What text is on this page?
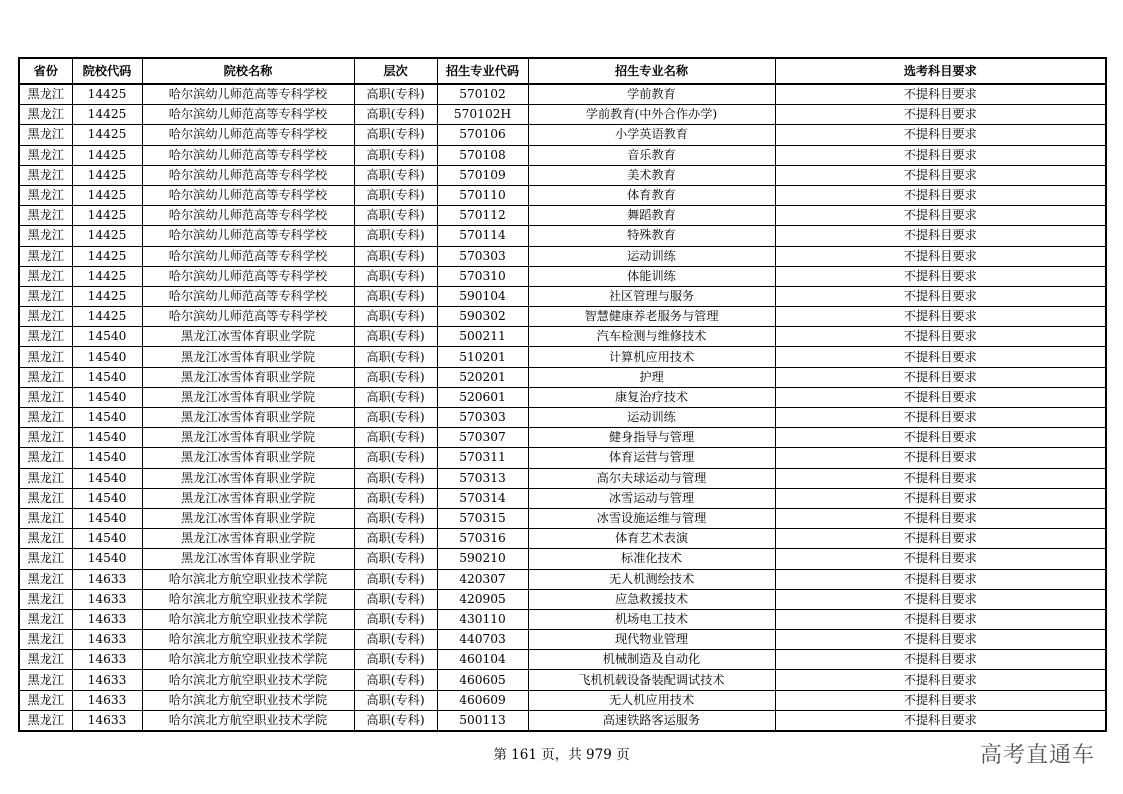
省份	院校代码	院校名称	层次	招生专业代码	招生专业名称	选考科目要求
黑龙江	14425	哈尔滨幼儿师范高等专科学校	高职(专科)	570102	学前教育	不提科目要求
黑龙江	14425	哈尔滨幼儿师范高等专科学校	高职(专科)	570102H	学前教育(中外合作办学)	不提科目要求
黑龙江	14425	哈尔滨幼儿师范高等专科学校	高职(专科)	570106	小学英语教育	不提科目要求
黑龙江	14425	哈尔滨幼儿师范高等专科学校	高职(专科)	570108	音乐教育	不提科目要求
黑龙江	14425	哈尔滨幼儿师范高等专科学校	高职(专科)	570109	美术教育	不提科目要求
黑龙江	14425	哈尔滨幼儿师范高等专科学校	高职(专科)	570110	体育教育	不提科目要求
黑龙江	14425	哈尔滨幼儿师范高等专科学校	高职(专科)	570112	舞蹈教育	不提科目要求
黑龙江	14425	哈尔滨幼儿师范高等专科学校	高职(专科)	570114	特殊教育	不提科目要求
黑龙江	14425	哈尔滨幼儿师范高等专科学校	高职(专科)	570303	运动训练	不提科目要求
黑龙江	14425	哈尔滨幼儿师范高等专科学校	高职(专科)	570310	体能训练	不提科目要求
黑龙江	14425	哈尔滨幼儿师范高等专科学校	高职(专科)	590104	社区管理与服务	不提科目要求
黑龙江	14425	哈尔滨幼儿师范高等专科学校	高职(专科)	590302	智慧健康养老服务与管理	不提科目要求
黑龙江	14540	黑龙江冰雪体育职业学院	高职(专科)	500211	汽车检测与维修技术	不提科目要求
黑龙江	14540	黑龙江冰雪体育职业学院	高职(专科)	510201	计算机应用技术	不提科目要求
黑龙江	14540	黑龙江冰雪体育职业学院	高职(专科)	520201	护理	不提科目要求
黑龙江	14540	黑龙江冰雪体育职业学院	高职(专科)	520601	康复治疗技术	不提科目要求
黑龙江	14540	黑龙江冰雪体育职业学院	高职(专科)	570303	运动训练	不提科目要求
黑龙江	14540	黑龙江冰雪体育职业学院	高职(专科)	570307	健身指导与管理	不提科目要求
黑龙江	14540	黑龙江冰雪体育职业学院	高职(专科)	570311	体育运营与管理	不提科目要求
黑龙江	14540	黑龙江冰雪体育职业学院	高职(专科)	570313	高尔夫球运动与管理	不提科目要求
黑龙江	14540	黑龙江冰雪体育职业学院	高职(专科)	570314	冰雪运动与管理	不提科目要求
黑龙江	14540	黑龙江冰雪体育职业学院	高职(专科)	570315	冰雪设施运维与管理	不提科目要求
黑龙江	14540	黑龙江冰雪体育职业学院	高职(专科)	570316	体育艺术表演	不提科目要求
黑龙江	14540	黑龙江冰雪体育职业学院	高职(专科)	590210	标准化技术	不提科目要求
黑龙江	14633	哈尔滨北方航空职业技术学院	高职(专科)	420307	无人机测绘技术	不提科目要求
黑龙江	14633	哈尔滨北方航空职业技术学院	高职(专科)	420905	应急救援技术	不提科目要求
黑龙江	14633	哈尔滨北方航空职业技术学院	高职(专科)	430110	机场电工技术	不提科目要求
黑龙江	14633	哈尔滨北方航空职业技术学院	高职(专科)	440703	现代物业管理	不提科目要求
黑龙江	14633	哈尔滨北方航空职业技术学院	高职(专科)	460104	机械制造及自动化	不提科目要求
黑龙江	14633	哈尔滨北方航空职业技术学院	高职(专科)	460605	飞机机载设备装配调试技术	不提科目要求
黑龙江	14633	哈尔滨北方航空职业技术学院	高职(专科)	460609	无人机应用技术	不提科目要求
黑龙江	14633	哈尔滨北方航空职业技术学院	高职(专科)	500113	高速铁路客运服务	不提科目要求
第 161 页，共 979 页	高考直通车
